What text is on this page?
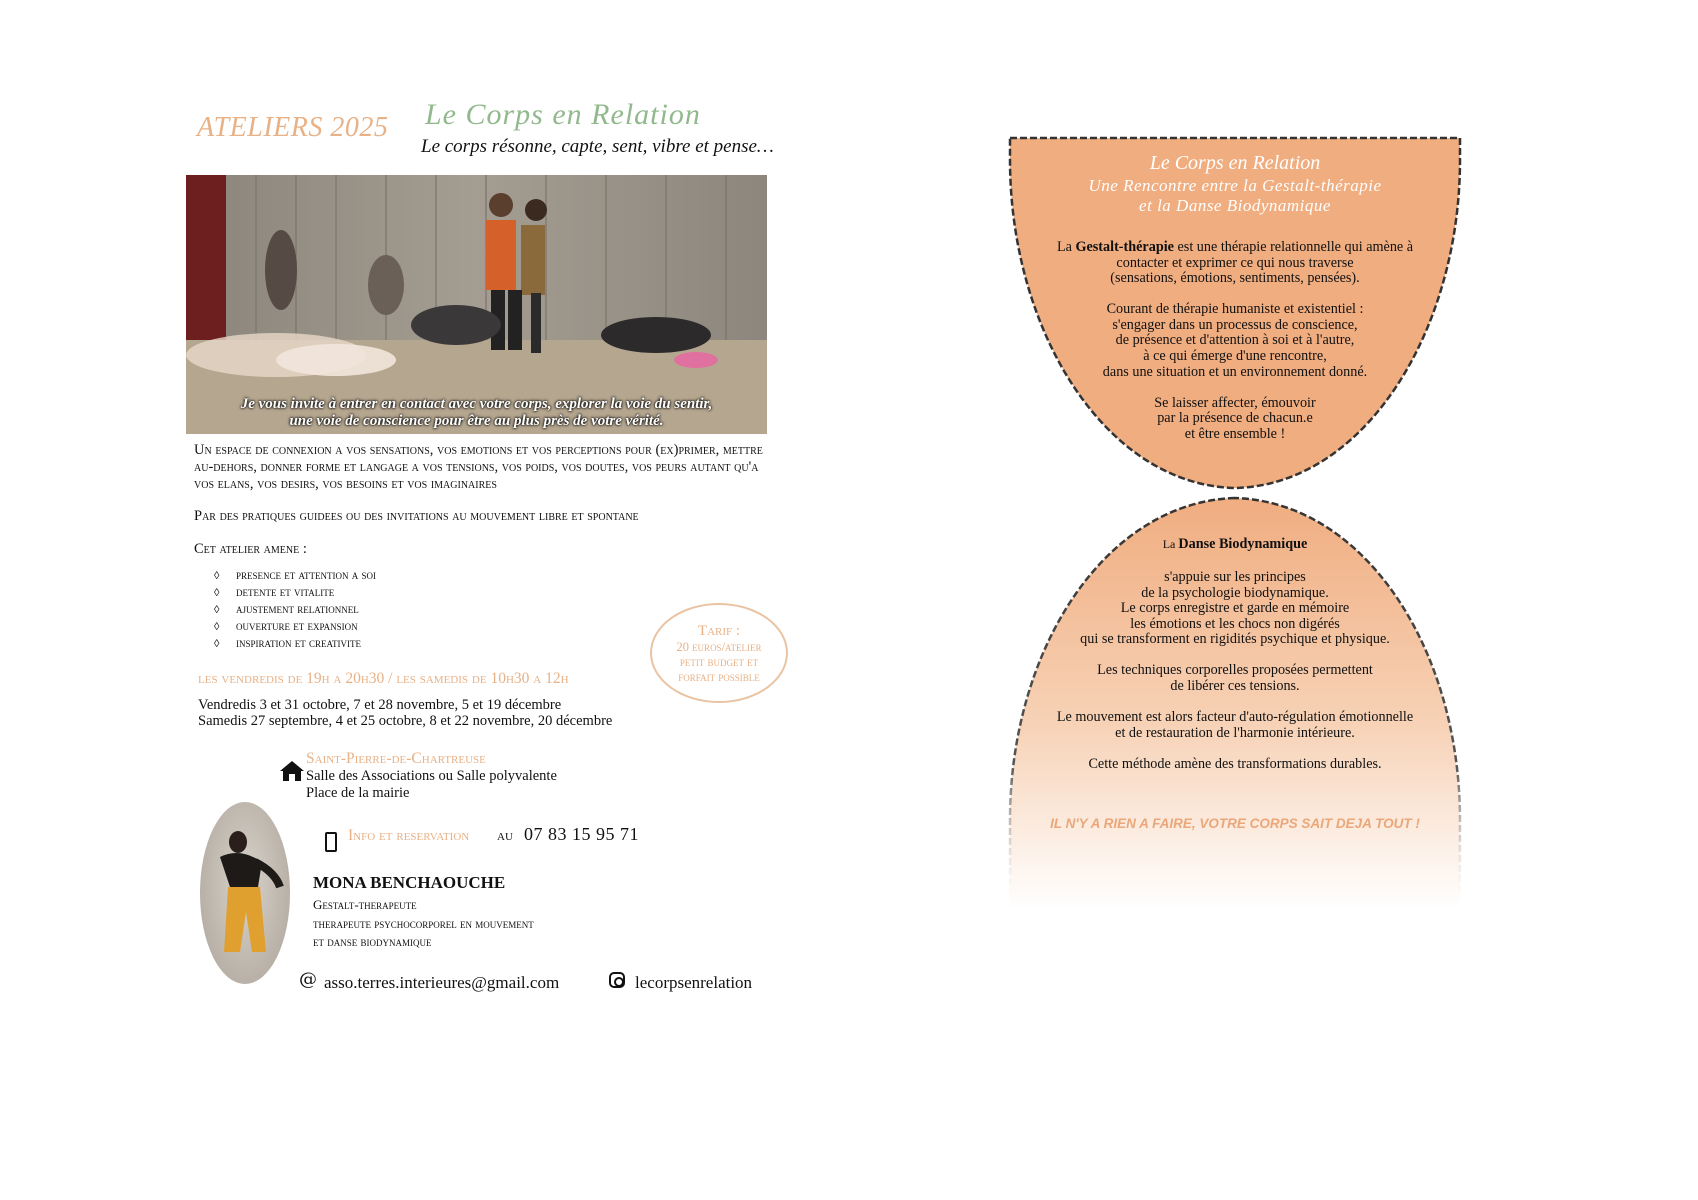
ATELIERS 2025 Le Corps en Relation
Le corps résonne, capte, sent, vibre et pense…
Je vous invite à entrer en contact avec votre corps, explorer la voie du sentir,
une voie de conscience pour être au plus près de votre vérité.
Un espace de connexion a vos sensations, vos emotions et vos perceptions pour (ex)primer, mettre au-dehors, donner forme et langage a vos tensions, vos poids, vos doutes, vos peurs autant qu'a vos elans, vos desirs, vos besoins et vos imaginaires
Par des pratiques guidees ou des invitations au mouvement libre et spontane
Cet atelier amene :
◊ presence et attention a soi
◊ detente et vitalite
◊ ajustement relationnel
◊ ouverture et expansion
◊ inspiration et creativite
Tarif :
20 euros/atelier
petit budget et
forfait possible
les vendredis de 19h a 20h30 / les samedis de 10h30 a 12h
Vendredis 3 et 31 octobre, 7 et 28 novembre, 5 et 19 décembre
Samedis 27 septembre, 4 et 25 octobre, 8 et 22 novembre, 20 décembre
Saint-Pierre-de-Chartreuse
Salle des Associations ou Salle polyvalente
Place de la mairie
Info et reservation au 07 83 15 95 71
MONA BENCHAOUCHE
Gestalt-therapeute
therapeute psychocorporel en mouvement
et danse biodynamique
@ asso.terres.interieures@gmail.com	lecorpsenrelation
Le Corps en Relation
Une Rencontre entre la Gestalt-thérapie
et la Danse Biodynamique

La Gestalt-thérapie est une thérapie relationnelle qui amène à
contacter et exprimer ce qui nous traverse
(sensations, émotions, sentiments, pensées).

Courant de thérapie humaniste et existentiel :
s'engager dans un processus de conscience,
de présence et d'attention à soi et à l'autre,
à ce qui émerge d'une rencontre,
dans une situation et un environnement donné.

Se laisser affecter, émouvoir
par la présence de chacun.e
et être ensemble !

La Danse Biodynamique

s'appuie sur les principes
de la psychologie biodynamique.
Le corps enregistre et garde en mémoire
les émotions et les chocs non digérés
qui se transforment en rigidités psychique et physique.

Les techniques corporelles proposées permettent
de libérer ces tensions.

Le mouvement est alors facteur d'auto-régulation émotionnelle
et de restauration de l'harmonie intérieure.

Cette méthode amène des transformations durables.

IL N'Y A RIEN A FAIRE, VOTRE CORPS SAIT DEJA TOUT !
